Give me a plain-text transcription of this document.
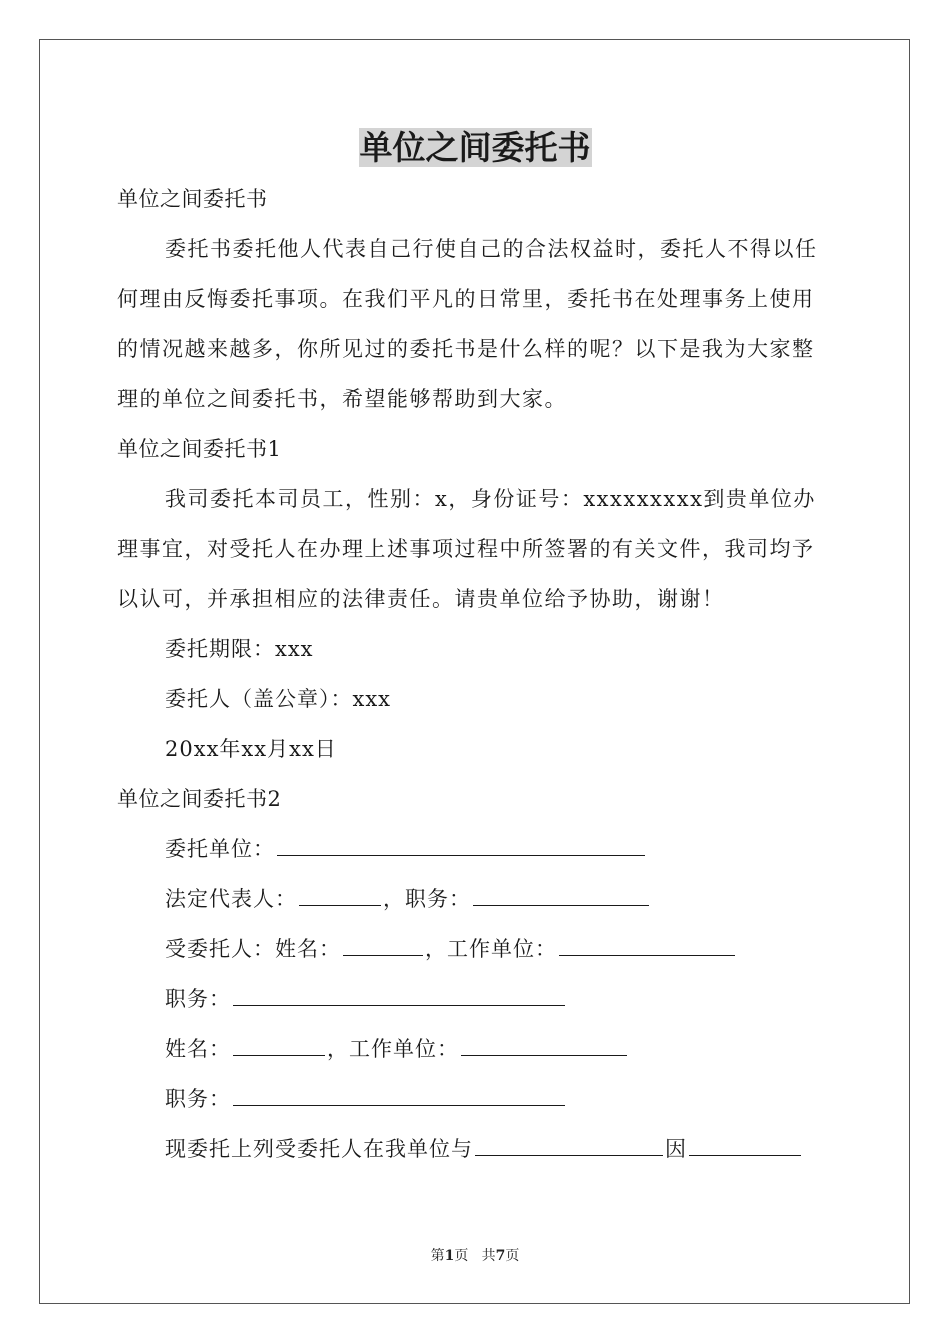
单位之间委托书

单位之间委托书

委托书委托他人代表自己行使自己的合法权益时，委托人不得以任何理由反悔委托事项。在我们平凡的日常里，委托书在处理事务上使用的情况越来越多，你所见过的委托书是什么样的呢？以下是我为大家整理的单位之间委托书，希望能够帮助到大家。

单位之间委托书1

我司委托本司员工，性别：x，身份证号：xxxxxxxxx到贵单位办理事宜，对受托人在办理上述事项过程中所签署的有关文件，我司均予以认可，并承担相应的法律责任。请贵单位给予协助，谢谢！

委托期限：xxx

委托人（盖公章）：xxx

20xx年xx月xx日

单位之间委托书2

委托单位：

法定代表人：	，职务：

受委托人：姓名：	，工作单位：

职务：

姓名：	，工作单位：

职务：

现委托上列受委托人在我单位与	因

第1页 共7页
